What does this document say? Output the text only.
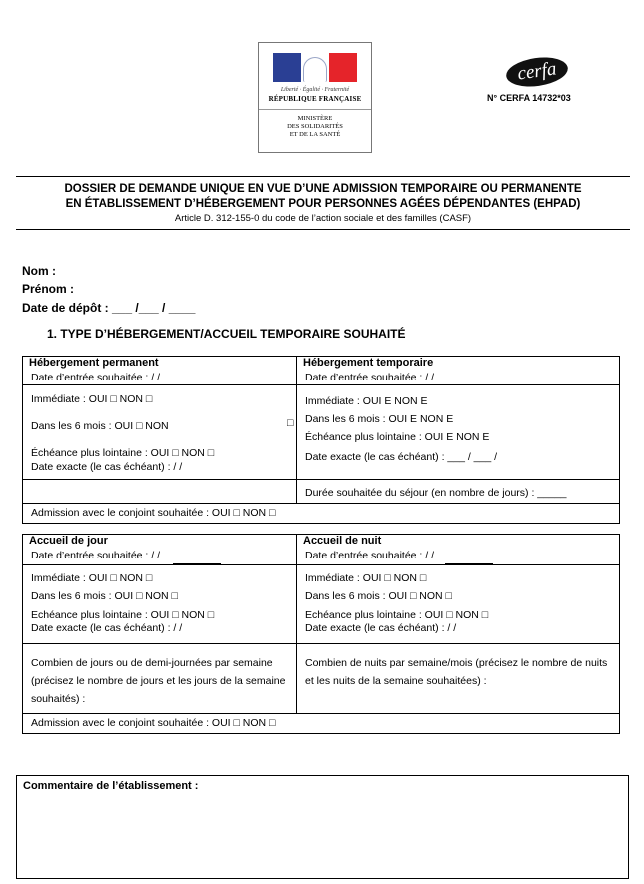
Liberté · Égalité · Fraternité
RÉPUBLIQUE FRANÇAISE
MINISTÈRE
DES SOLIDARITÉS
ET DE LA SANTÉ
cerfa
N° CERFA 14732*03
DOSSIER DE DEMANDE UNIQUE EN VUE D’UNE ADMISSION TEMPORAIRE OU PERMANENTE
EN ÉTABLISSEMENT D’HÉBERGEMENT POUR PERSONNES AGÉES DÉPENDANTES (EHPAD)
Article D. 312-155-0 du code de l’action sociale et des familles (CASF)
Nom :
Prénom :
Date de dépôt : ___ /___ / ____
1. TYPE D’HÉBERGEMENT/ACCUEIL TEMPORAIRE SOUHAITÉ
Hébergement permanent
Date d’entrée souhaitée : / /
Hébergement temporaire
Date d’entrée souhaitée : / /
Immédiate : OUI □ NON □
Dans les 6 mois : OUI □ NON	□
Échéance plus lointaine : OUI □ NON □
Date exacte (le cas échéant) : / /
Immédiate : OUI Ε NON Ε
Dans les 6 mois : OUI Ε NON Ε
Échéance plus lointaine : OUI Ε NON Ε
Date exacte (le cas échéant) : ___ / ___ /
Durée souhaitée du séjour (en nombre de jours) : _____
Admission avec le conjoint souhaitée : OUI □ NON □
Accueil de jour
Date d’entrée souhaitée : / /
Accueil de nuit
Date d’entrée souhaitée : / /
Immédiate : OUI □ NON □
Dans les 6 mois : OUI □ NON □
Echéance plus lointaine : OUI □ NON □
Date exacte (le cas échéant) : / /
Immédiate : OUI □ NON □
Dans les 6 mois : OUI □ NON □
Echéance plus lointaine : OUI □ NON □
Date exacte (le cas échéant) : / /
Combien de jours ou de demi-journées par semaine (précisez le nombre de jours et les jours de la semaine souhaités) :
Combien de nuits par semaine/mois (précisez le nombre de nuits et les nuits de la semaine souhaitées) :
Admission avec le conjoint souhaitée : OUI □ NON □
Commentaire de l’établissement :
